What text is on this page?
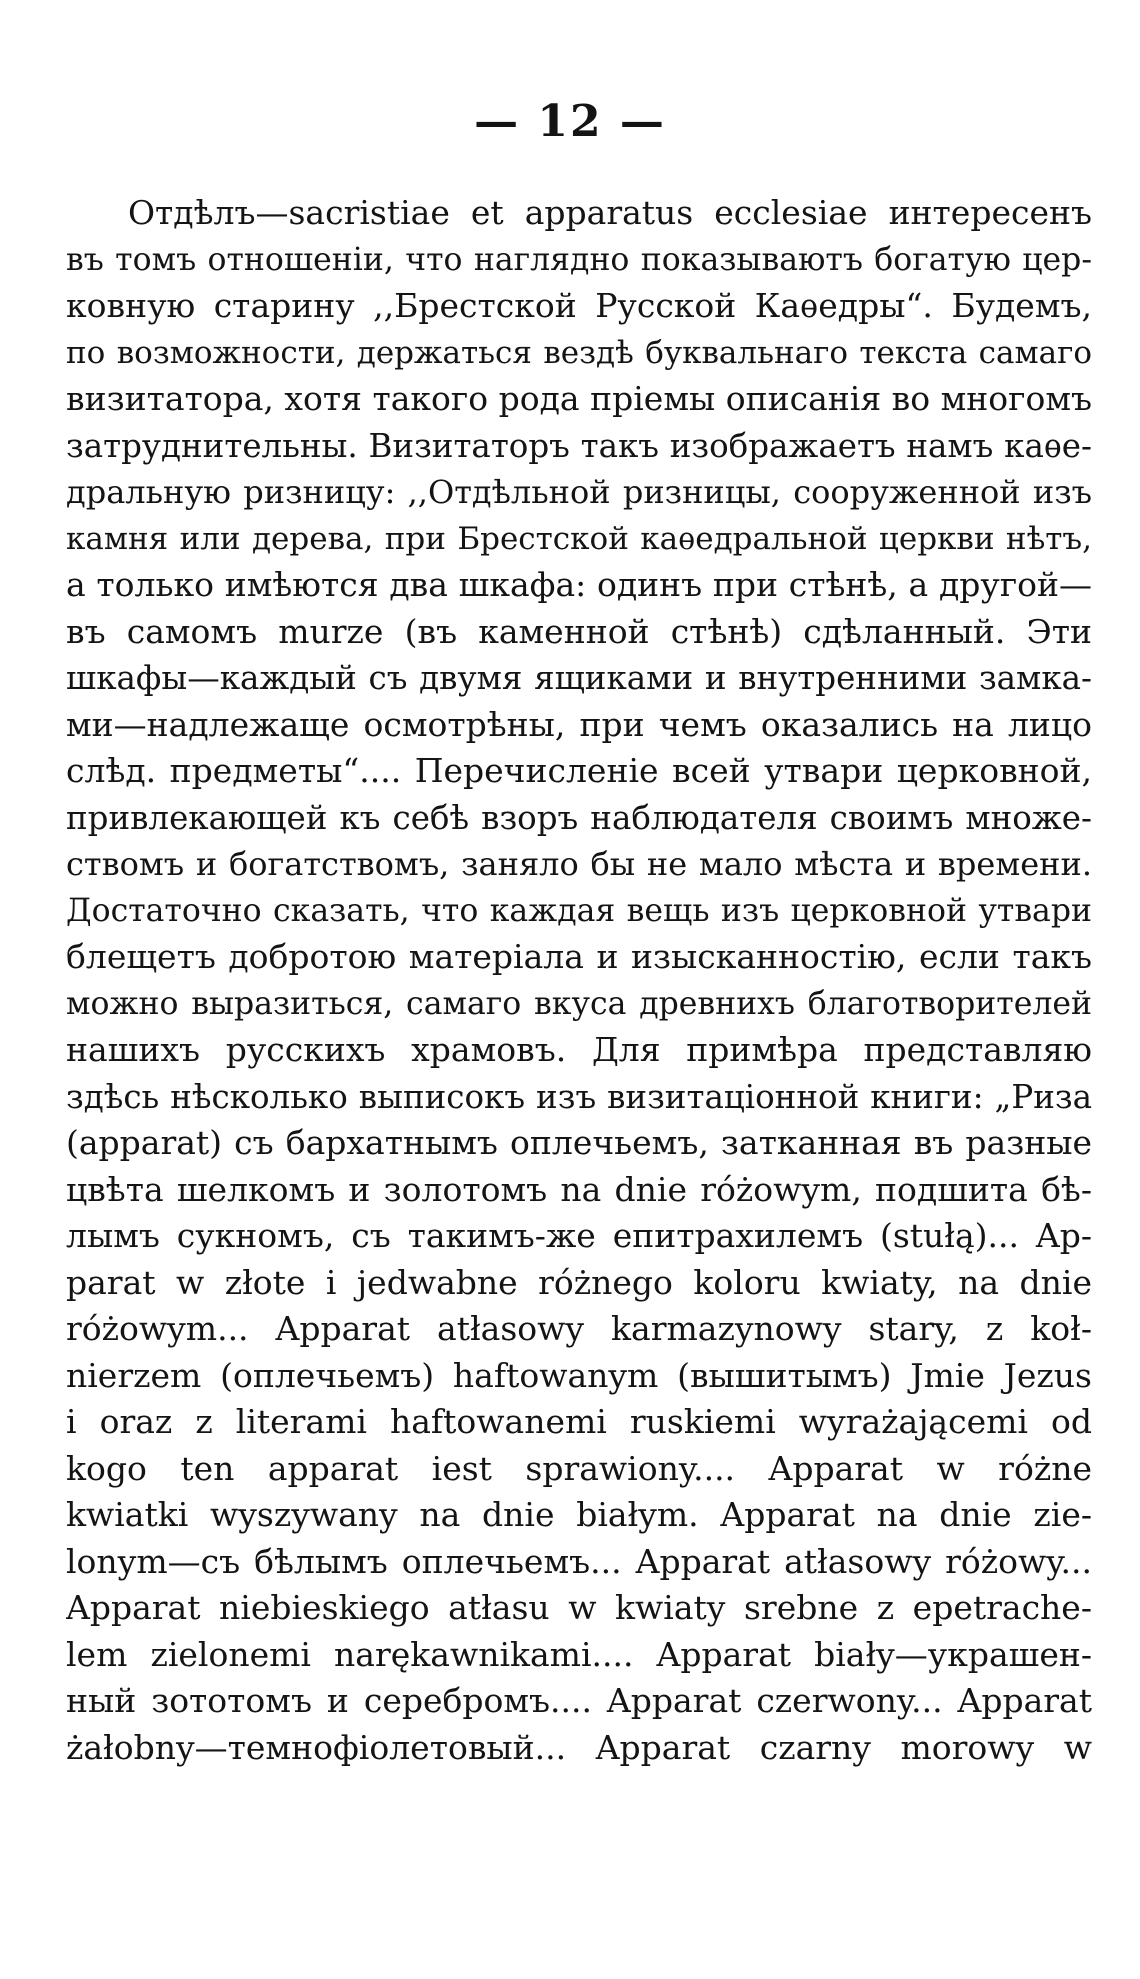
— 12 —
Отдѣлъ—sacristiae et apparatus ecclesiae интересенъ
въ томъ отношеніи, что наглядно показываютъ богатую цер-
ковную старину ,,Брестской Русской Каѳедры“. Будемъ,
по возможности, держаться вездѣ буквальнаго текста самаго
визитатора, хотя такого рода пріемы описанія во многомъ
затруднительны. Визитаторъ такъ изображаетъ намъ каѳе-
дральную ризницу: ,,Отдѣльной ризницы, сооруженной изъ
камня или дерева, при Брестской каѳедральной церкви нѣтъ,
а только имѣются два шкафа: одинъ при стѣнѣ, а другой—
въ самомъ murze (въ каменной стѣнѣ) сдѣланный. Эти
шкафы—каждый съ двумя ящиками и внутренними замка-
ми—надлежаще осмотрѣны, при чемъ оказались на лицо
слѣд. предметы“.... Перечисленіе всей утвари церковной,
привлекающей къ себѣ взоръ наблюдателя своимъ множе-
ствомъ и богатствомъ, заняло бы не мало мѣста и времени.
Достаточно сказать, что каждая вещь изъ церковной утвари
блещетъ добротою матеріала и изысканностію, если такъ
можно выразиться, самаго вкуса древнихъ благотворителей
нашихъ русскихъ храмовъ. Для примѣра представляю
здѣсь нѣсколько выписокъ изъ визитаціонной книги: „Риза
(apparat) съ бархатнымъ оплечьемъ, затканная въ разные
цвѣта шелкомъ и золотомъ na dnie różowym, подшита бѣ-
лымъ сукномъ, съ такимъ-же епитрахилемъ (stułą)... Ap-
parat w złote i jedwabne różnego koloru kwiaty, na dnie
różowym... Apparat atłasowy karmazynowy stary, z koł-
nierzem (оплечьемъ) haftowanym (вышитымъ) Jmie Jezus
i oraz z literami haftowanemi ruskiemi wyrażającemi od
kogo ten apparat iest sprawiony.... Apparat w różne
kwiatki wyszywany na dnie białym. Apparat na dnie zie-
lonym—съ бѣлымъ оплечьемъ... Apparat atłasowy różowy...
Apparat niebieskiego atłasu w kwiaty srebne z epetrache-
lem zielonemi narękawnikami.... Apparat biały—украшен-
ный зототомъ и серебромъ.... Apparat czerwony... Apparat
żałobny—темнофіолетовый... Apparat czarny morowy w
